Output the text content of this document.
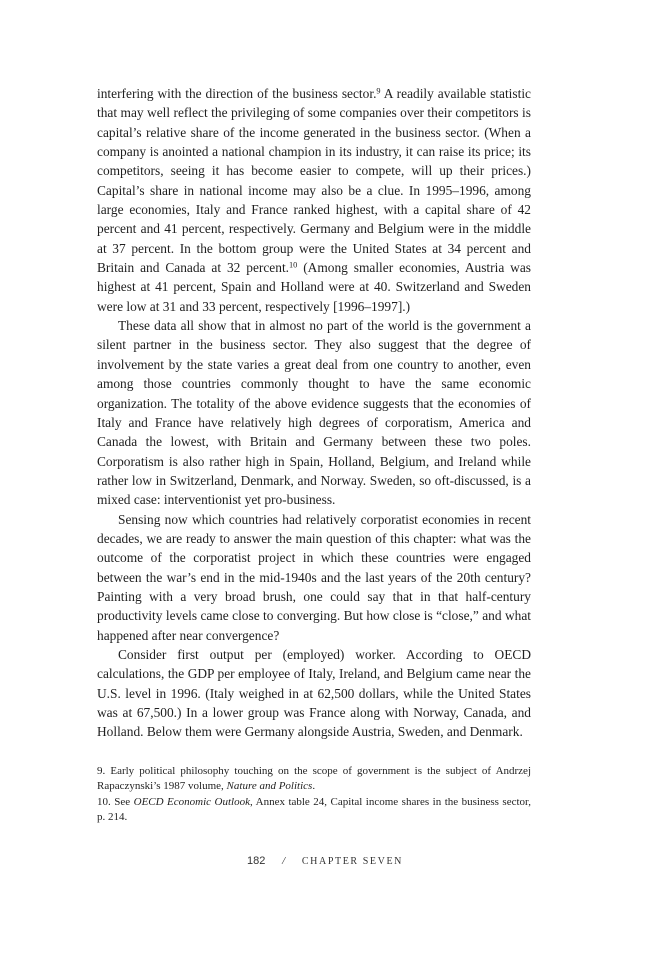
interfering with the direction of the business sector.$^9$ A readily available statistic that may well reflect the privileging of some companies over their competitors is capital’s relative share of the income generated in the business sector. (When a company is anointed a national champion in its industry, it can raise its price; its competitors, seeing it has become easier to compete, will up their prices.) Capital’s share in national income may also be a clue. In 1995–1996, among large economies, Italy and France ranked highest, with a capital share of 42 percent and 41 percent, respectively. Germany and Belgium were in the middle at 37 percent. In the bottom group were the United States at 34 percent and Britain and Canada at 32 percent.$^{10}$ (Among smaller economies, Austria was highest at 41 percent, Spain and Holland were at 40. Switzerland and Sweden were low at 31 and 33 percent, respectively [1996–1997].)

These data all show that in almost no part of the world is the government a silent partner in the business sector. They also suggest that the degree of involvement by the state varies a great deal from one country to another, even among those countries commonly thought to have the same economic organization. The totality of the above evidence suggests that the economies of Italy and France have relatively high degrees of corporatism, America and Canada the lowest, with Britain and Germany between these two poles. Corporatism is also rather high in Spain, Holland, Belgium, and Ireland while rather low in Switzerland, Denmark, and Norway. Sweden, so oft-discussed, is a mixed case: interventionist yet pro-business.

Sensing now which countries had relatively corporatist economies in recent decades, we are ready to answer the main question of this chapter: what was the outcome of the corporatist project in which these countries were engaged between the war’s end in the mid-1940s and the last years of the 20th century? Painting with a very broad brush, one could say that in that half-century productivity levels came close to converging. But how close is “close,” and what happened after near convergence?

Consider first output per (employed) worker. According to OECD calculations, the GDP per employee of Italy, Ireland, and Belgium came near the U.S. level in 1996. (Italy weighed in at 62,500 dollars, while the United States was at 67,500.) In a lower group was France along with Norway, Canada, and Holland. Below them were Germany alongside Austria, Sweden, and Denmark.

9. Early political philosophy touching on the scope of government is the subject of Andrzej Rapaczynski’s 1987 volume, Nature and Politics.

10. See OECD Economic Outlook, Annex table 24, Capital income shares in the business sector, p. 214.

182 / CHAPTER SEVEN
